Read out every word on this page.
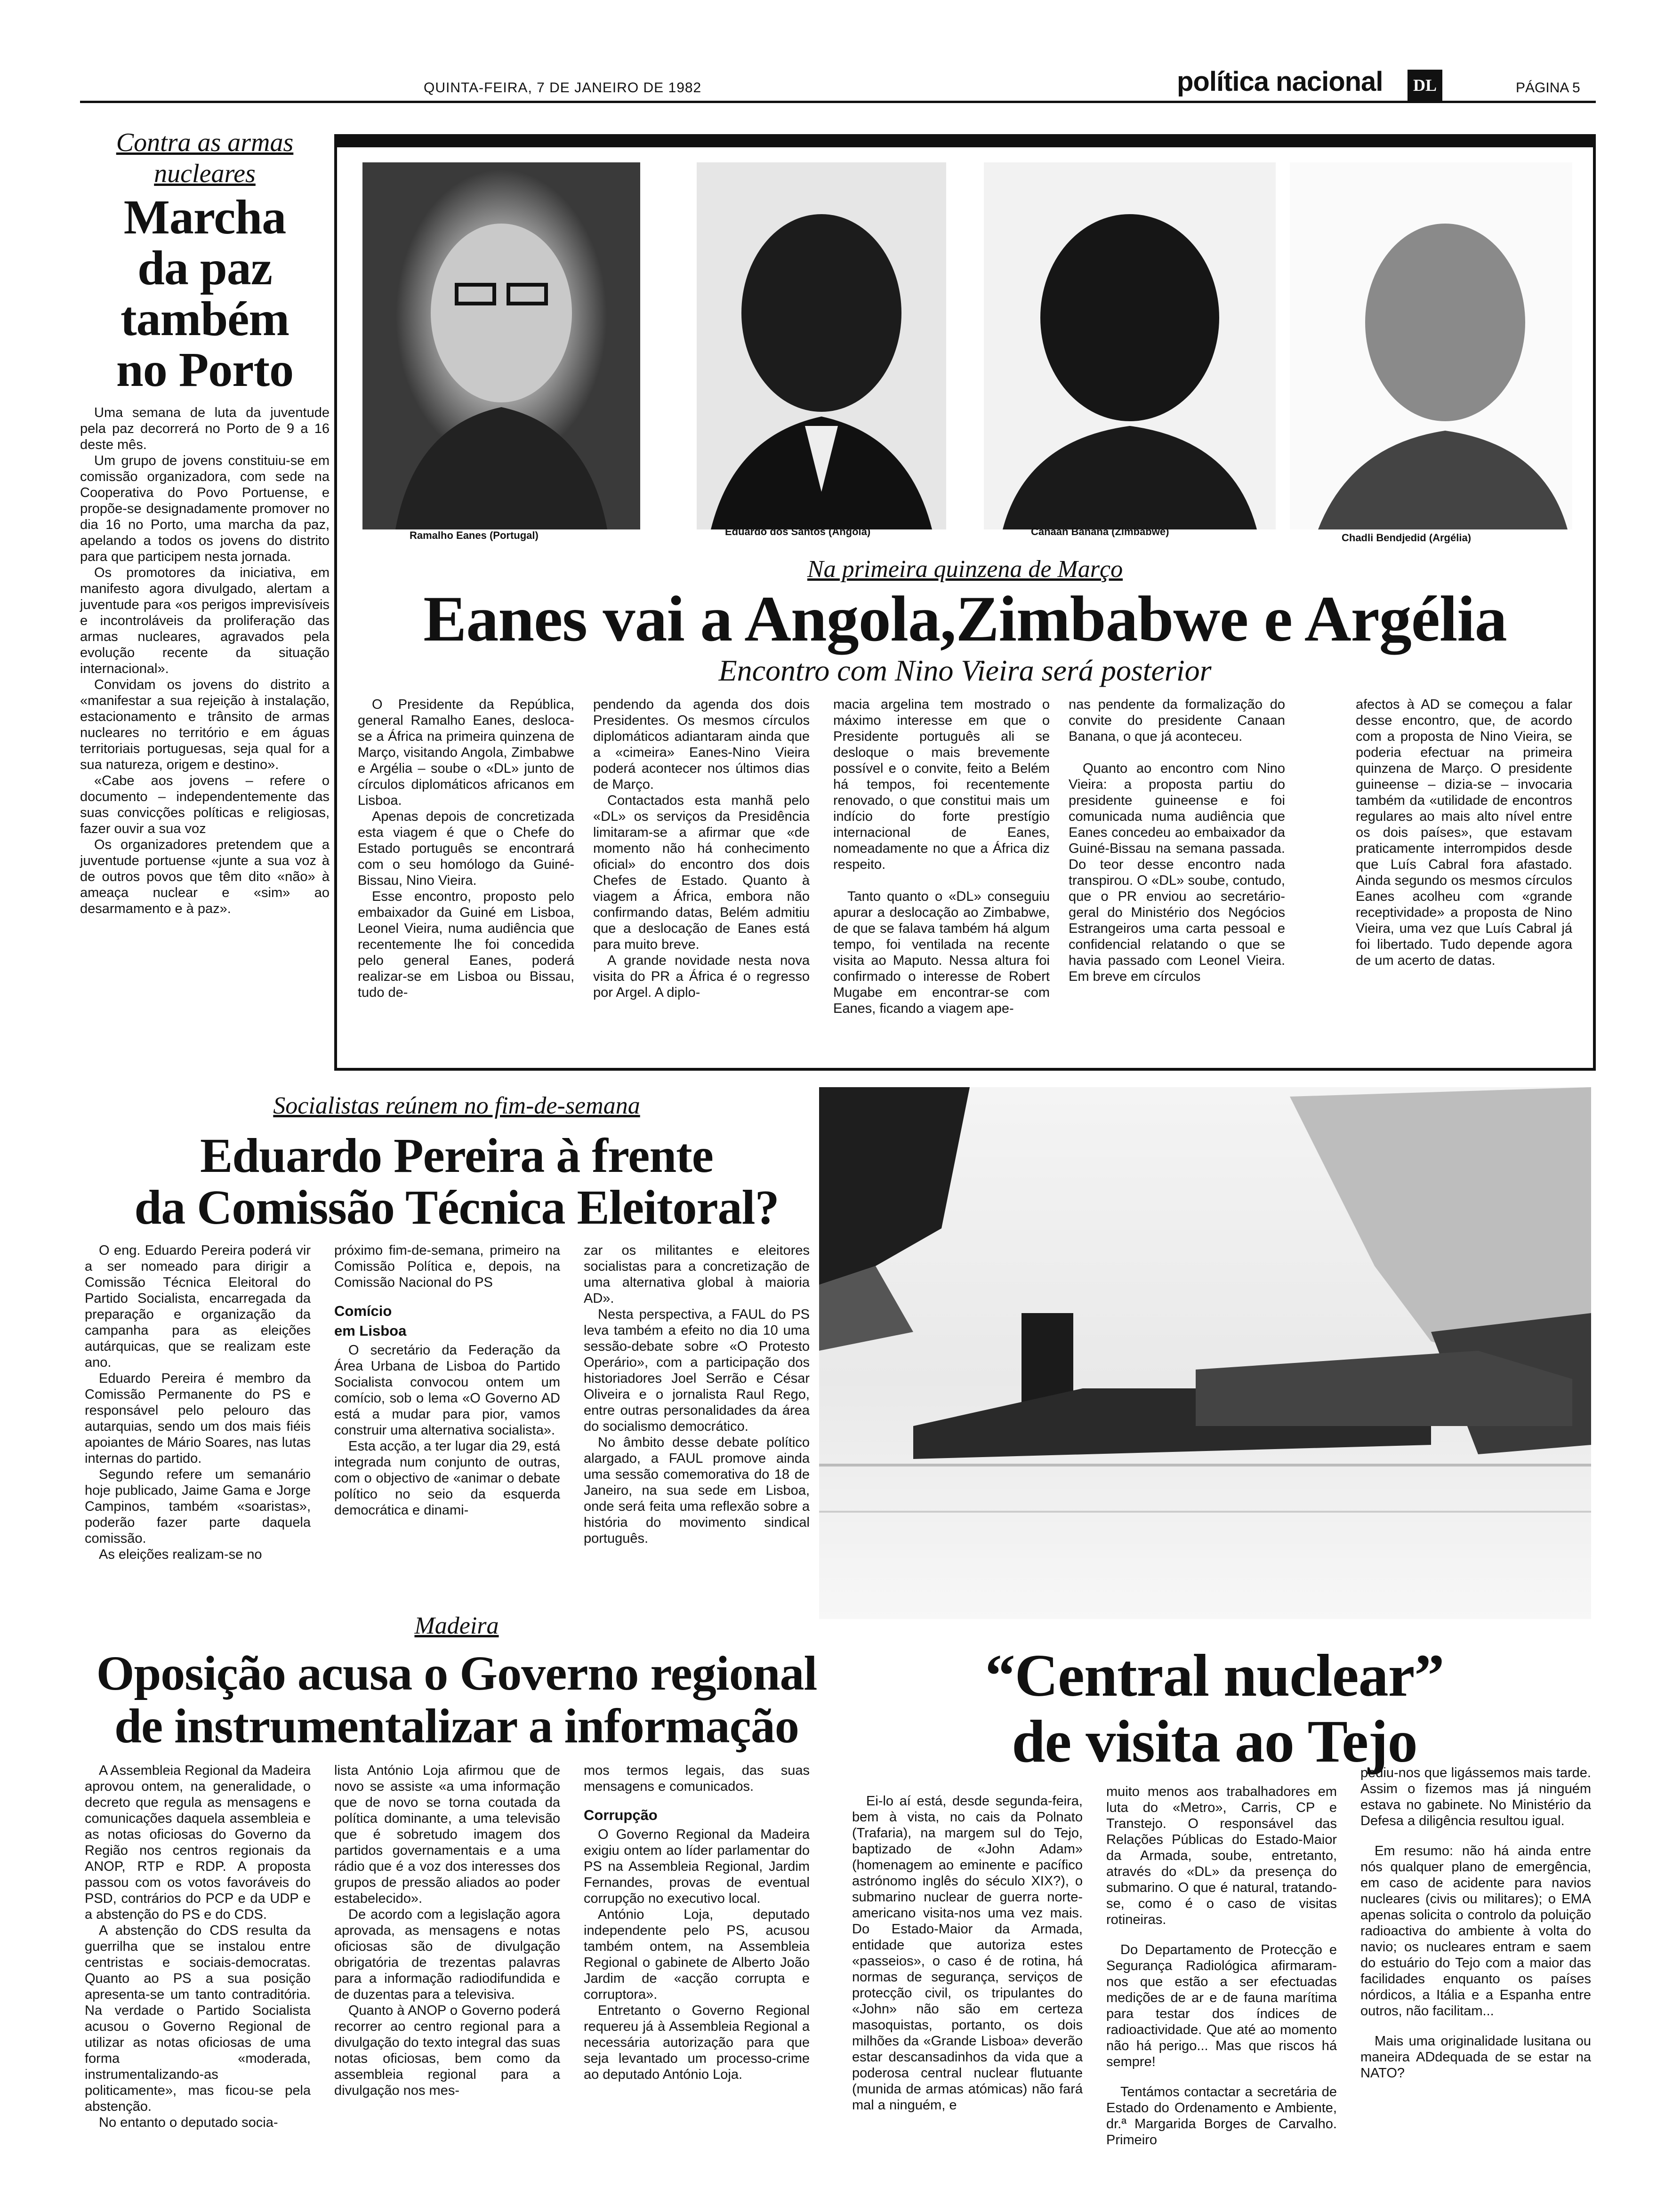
QUINTA-FEIRA, 7 DE JANEIRO DE 1982	política nacional DL	PÁGINA 5
Contra as armas
nucleares
Marcha
da paz
também
no Porto

Uma semana de luta da juventude pela paz decorrerá no Porto de 9 a 16 deste mês.

Um grupo de jovens constituiu-se em comissão organizadora, com sede na Cooperativa do Povo Portuense, e propõe-se designadamente promover no dia 16 no Porto, uma marcha da paz, apelando a todos os jovens do distrito para que participem nesta jornada.

Os promotores da iniciativa, em manifesto agora divulgado, alertam a juventude para «os perigos imprevisíveis e incontroláveis da proliferação das armas nucleares, agravados pela evolução recente da situação internacional».

Convidam os jovens do distrito a «manifestar a sua rejeição à instalação, estacionamento e trânsito de armas nucleares no território e em águas territoriais portuguesas, seja qual for a sua natureza, origem e destino».

«Cabe aos jovens – refere o documento – independentemente das suas convicções políticas e religiosas, fazer ouvir a sua voz

Os organizadores pretendem que a juventude portuense «junte a sua voz à de outros povos que têm dito «não» à ameaça nuclear e «sim» ao desarmamento e à paz».

Ramalho Eanes (Portugal)	Eduardo dos Santos (Angola)	Canaan Banana (Zimbabwe)
Chadli Bendjedid (Argélia)
Na primeira quinzena de Março
Eanes vai a Angola,Zimbabwe e Argélia
Encontro com Nino Vieira será posterior

O Presidente da República, general Ramalho Eanes, desloca-se a África na primeira quinzena de Março, visitando Angola, Zimbabwe e Argélia – soube o «DL» junto de círculos diplomáticos africanos em Lisboa.

Apenas depois de concretizada esta viagem é que o Chefe do Estado português se encontrará com o seu homólogo da Guiné-Bissau, Nino Vieira.

Esse encontro, proposto pelo embaixador da Guiné em Lisboa, Leonel Vieira, numa audiência que recentemente lhe foi concedida pelo general Eanes, poderá realizar-se em Lisboa ou Bissau, tudo de-

pendendo da agenda dos dois Presidentes. Os mesmos círculos diplomáticos adiantaram ainda que a «cimeira» Eanes-Nino Vieira poderá acontecer nos últimos dias de Março.

Contactados esta manhã pelo «DL» os serviços da Presidência limitaram-se a afirmar que «de momento não há conhecimento oficial» do encontro dos dois Chefes de Estado. Quanto à viagem a África, embora não confirmando datas, Belém admitiu que a deslocação de Eanes está para muito breve.

A grande novidade nesta nova visita do PR a África é o regresso por Argel. A diplo-

macia argelina tem mostrado o máximo interesse em que o Presidente português ali se desloque o mais brevemente possível e o convite, feito a Belém há tempos, foi recentemente renovado, o que constitui mais um indício do forte prestígio internacional de Eanes, nomeadamente no que a África diz respeito.

Tanto quanto o «DL» conseguiu apurar a deslocação ao Zimbabwe, de que se falava também há algum tempo, foi ventilada na recente visita ao Maputo. Nessa altura foi confirmado o interesse de Robert Mugabe em encontrar-se com Eanes, ficando a viagem ape-

nas pendente da formalização do convite do presidente Canaan Banana, o que já aconteceu.

Quanto ao encontro com Nino Vieira: a proposta partiu do presidente guineense e foi comunicada numa audiência que Eanes concedeu ao embaixador da Guiné-Bissau na semana passada. Do teor desse encontro nada transpirou. O «DL» soube, contudo, que o PR enviou ao secretário-geral do Ministério dos Negócios Estrangeiros uma carta pessoal e confidencial relatando o que se havia passado com Leonel Vieira. Em breve em círculos

afectos à AD se começou a falar desse encontro, que, de acordo com a proposta de Nino Vieira, se poderia efectuar na primeira quinzena de Março. O presidente guineense – dizia-se – invocaria também da «utilidade de encontros regulares ao mais alto nível entre os dois países», que estavam praticamente interrompidos desde que Luís Cabral fora afastado. Ainda segundo os mesmos círculos Eanes acolheu com «grande receptividade» a proposta de Nino Vieira, uma vez que Luís Cabral já foi libertado. Tudo depende agora de um acerto de datas.

Socialistas reúnem no fim-de-semana
Eduardo Pereira à frente
da Comissão Técnica Eleitoral?

O eng. Eduardo Pereira poderá vir a ser nomeado para dirigir a Comissão Técnica Eleitoral do Partido Socialista, encarregada da preparação e organização da campanha para as eleições autárquicas, que se realizam este ano.

Eduardo Pereira é membro da Comissão Permanente do PS e responsável pelo pelouro das autarquias, sendo um dos mais fiéis apoiantes de Mário Soares, nas lutas internas do partido.

Segundo refere um semanário hoje publicado, Jaime Gama e Jorge Campinos, também «soaristas», poderão fazer parte daquela comissão.

As eleições realizam-se no

próximo fim-de-semana, primeiro na Comissão Política e, depois, na Comissão Nacional do PS

Comício
em Lisboa

O secretário da Federação da Área Urbana de Lisboa do Partido Socialista convocou ontem um comício, sob o lema «O Governo AD está a mudar para pior, vamos construir uma alternativa socialista».

Esta acção, a ter lugar dia 29, está integrada num conjunto de outras, com o objectivo de «animar o debate político no seio da esquerda democrática e dinami-

zar os militantes e eleitores socialistas para a concretização de uma alternativa global à maioria AD».

Nesta perspectiva, a FAUL do PS leva também a efeito no dia 10 uma sessão-debate sobre «O Protesto Operário», com a participação dos historiadores Joel Serrão e César Oliveira e o jornalista Raul Rego, entre outras personalidades da área do socialismo democrático.

No âmbito desse debate político alargado, a FAUL promove ainda uma sessão comemorativa do 18 de Janeiro, na sua sede em Lisboa, onde será feita uma reflexão sobre a história do movimento sindical português.

Madeira
Oposição acusa o Governo regional
de instrumentalizar a informação

A Assembleia Regional da Madeira aprovou ontem, na generalidade, o decreto que regula as mensagens e comunicações daquela assembleia e as notas oficiosas do Governo da Região nos centros regionais da ANOP, RTP e RDP. A proposta passou com os votos favoráveis do PSD, contrários do PCP e da UDP e a abstenção do PS e do CDS.

A abstenção do CDS resulta da guerrilha que se instalou entre centristas e sociais-democratas. Quanto ao PS a sua posição apresenta-se um tanto contraditória. Na verdade o Partido Socialista acusou o Governo Regional de utilizar as notas oficiosas de uma forma «moderada, instrumentalizando-as politicamente», mas ficou-se pela abstenção.

No entanto o deputado socia-

lista António Loja afirmou que de novo se assiste «a uma informação que de novo se torna coutada da política dominante, a uma televisão que é sobretudo imagem dos partidos governamentais e a uma rádio que é a voz dos interesses dos grupos de pressão aliados ao poder estabelecido».

De acordo com a legislação agora aprovada, as mensagens e notas oficiosas são de divulgação obrigatória de trezentas palavras para a informação radiodifundida e de duzentas para a televisiva.

Quanto à ANOP o Governo poderá recorrer ao centro regional para a divulgação do texto integral das suas notas oficiosas, bem como da assembleia regional para a divulgação nos mes-

mos termos legais, das suas mensagens e comunicados.

Corrupção

O Governo Regional da Madeira exigiu ontem ao líder parlamentar do PS na Assembleia Regional, Jardim Fernandes, provas de eventual corrupção no executivo local.

António Loja, deputado independente pelo PS, acusou também ontem, na Assembleia Regional o gabinete de Alberto João Jardim de «acção corrupta e corruptora».

Entretanto o Governo Regional requereu já à Assembleia Regional a necessária autorização para que seja levantado um processo-crime ao deputado António Loja.

“Central nuclear”
de visita ao Tejo

Ei-lo aí está, desde segunda-feira, bem à vista, no cais da Polnato (Trafaria), na margem sul do Tejo, baptizado de «John Adam» (homenagem ao eminente e pacífico astrónomo inglês do século XIX?), o submarino nuclear de guerra norte-americano visita-nos uma vez mais. Do Estado-Maior da Armada, entidade que autoriza estes «passeios», o caso é de rotina, há normas de segurança, serviços de protecção civil, os tripulantes do «John» não são em certeza masoquistas, portanto, os dois milhões da «Grande Lisboa» deverão estar descansadinhos da vida que a poderosa central nuclear flutuante (munida de armas atómicas) não fará mal a ninguém, e

muito menos aos trabalhadores em luta do «Metro», Carris, CP e Transtejo. O responsável das Relações Públicas do Estado-Maior da Armada, soube, entretanto, através do «DL» da presença do submarino. O que é natural, tratando-se, como é o caso de visitas rotineiras.

Do Departamento de Protecção e Segurança Radiológica afirmaram-nos que estão a ser efectuadas medições de ar e de fauna marítima para testar dos índices de radioactividade. Que até ao momento não há perigo... Mas que riscos há sempre!

Tentámos contactar a secretária de Estado do Ordenamento e Ambiente, dr.ª Margarida Borges de Carvalho. Primeiro

pediu-nos que ligássemos mais tarde. Assim o fizemos mas já ninguém estava no gabinete. No Ministério da Defesa a diligência resultou igual.

Em resumo: não há ainda entre nós qualquer plano de emergência, em caso de acidente para navios nucleares (civis ou militares); o EMA apenas solicita o controlo da poluição radioactiva do ambiente à volta do navio; os nucleares entram e saem do estuário do Tejo com a maior das facilidades enquanto os países nórdicos, a Itália e a Espanha entre outros, não facilitam...

Mais uma originalidade lusitana ou maneira ADdequada de se estar na NATO?
